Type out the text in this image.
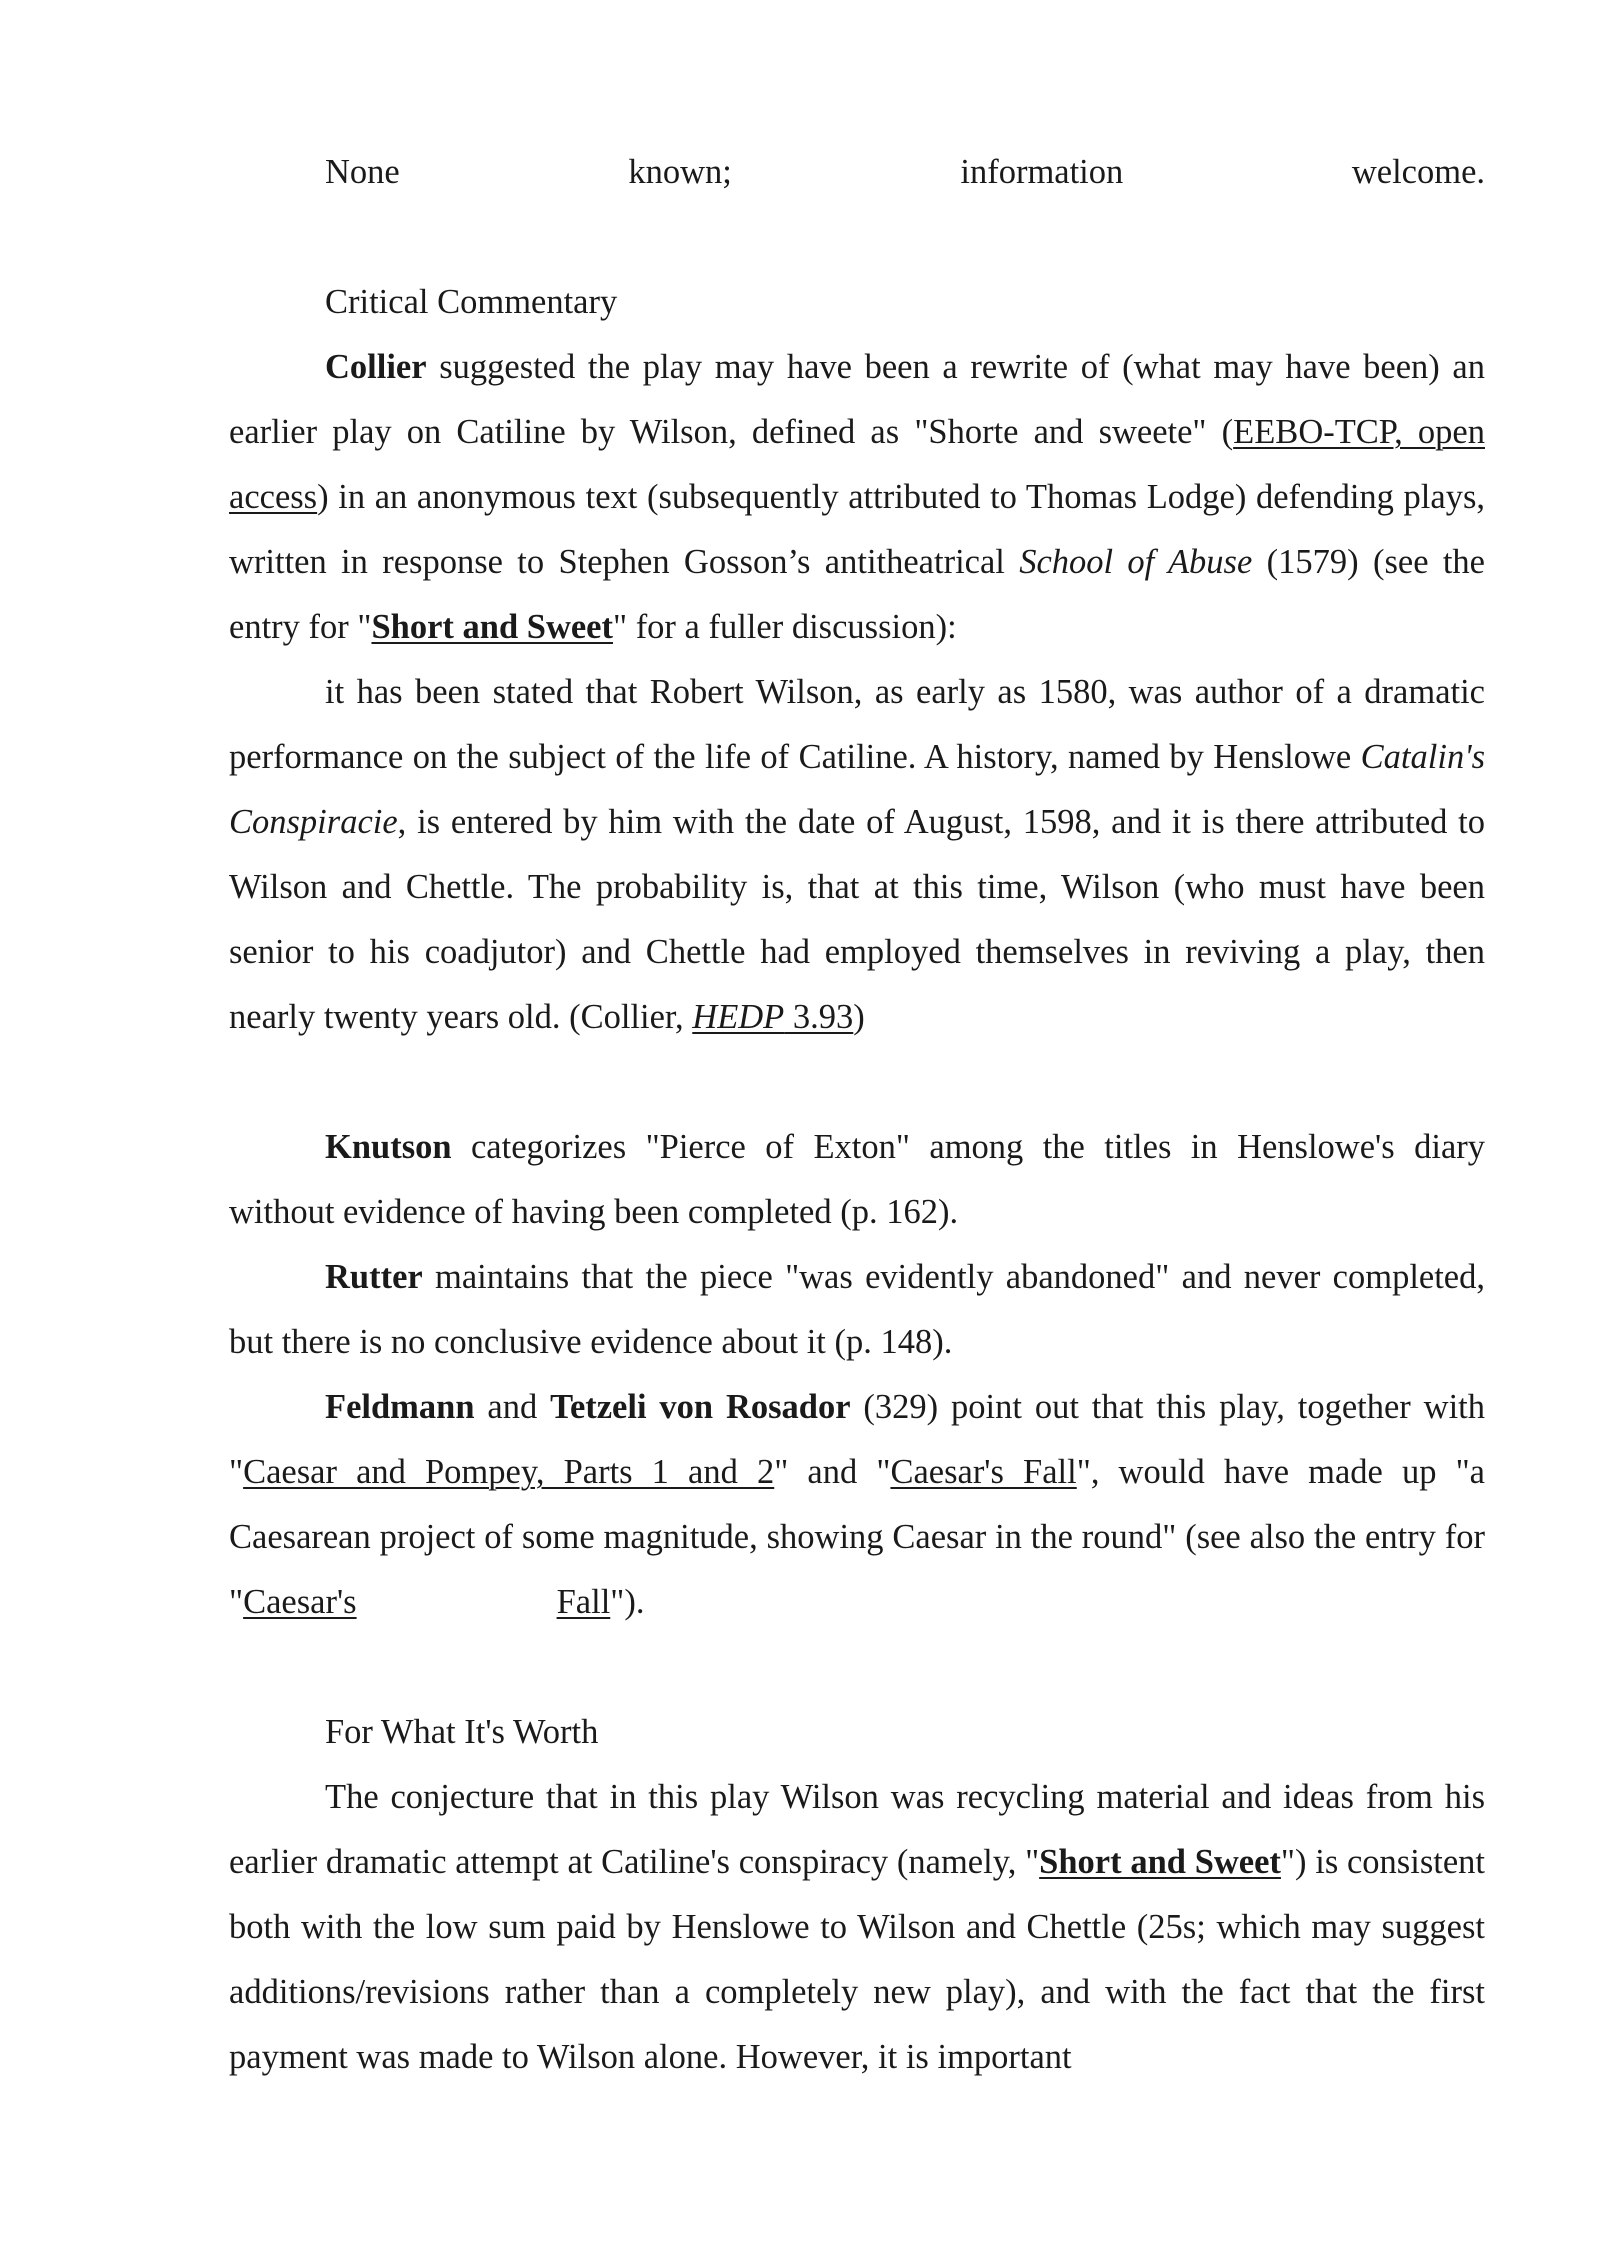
None	known;	information	welcome.

Critical Commentary

Collier suggested the play may have been a rewrite of (what may have been) an earlier play on Catiline by Wilson, defined as "Shorte and sweete" (EEBO-TCP, open access) in an anonymous text (subsequently attributed to Thomas Lodge) defending plays, written in response to Stephen Gosson’s antitheatrical School of Abuse (1579) (see the entry for "Short and Sweet" for a fuller discussion):

it has been stated that Robert Wilson, as early as 1580, was author of a dramatic performance on the subject of the life of Catiline. A history, named by Henslowe Catalin's Conspiracie, is entered by him with the date of August, 1598, and it is there attributed to Wilson and Chettle. The probability is, that at this time, Wilson (who must have been senior to his coadjutor) and Chettle had employed themselves in reviving a play, then nearly twenty years old. (Collier, HEDP 3.93)

Knutson categorizes "Pierce of Exton" among the titles in Henslowe's diary without evidence of having been completed (p. 162).

Rutter maintains that the piece "was evidently abandoned" and never completed, but there is no conclusive evidence about it (p. 148).

Feldmann and Tetzeli von Rosador (329) point out that this play, together with "Caesar and Pompey, Parts 1 and 2" and "Caesar's Fall", would have made up "a Caesarean project of some magnitude, showing Caesar in the round" (see also the entry for "Caesar's	Fall").

For What It's Worth

The conjecture that in this play Wilson was recycling material and ideas from his earlier dramatic attempt at Catiline's conspiracy (namely, "Short and Sweet") is consistent both with the low sum paid by Henslowe to Wilson and Chettle (25s; which may suggest additions/revisions rather than a completely new play), and with the fact that the first payment was made to Wilson alone. However, it is important
